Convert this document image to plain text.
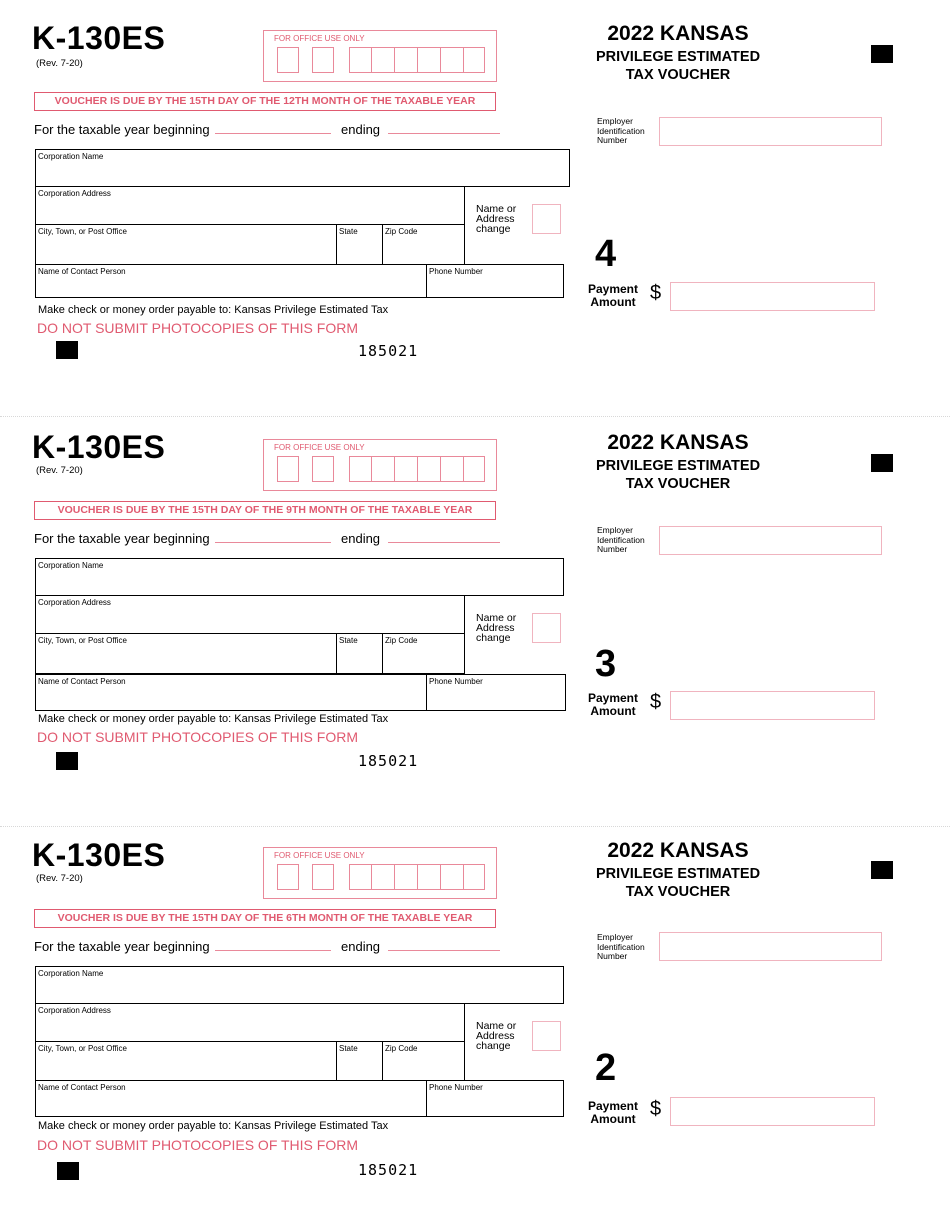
K-130ES
(Rev. 7-20)
FOR OFFICE USE ONLY
VOUCHER IS DUE BY THE 15TH DAY OF THE 12TH MONTH OF THE TAXABLE YEAR
For the taxable year beginning	ending
Corporation Name
Corporation Address
City, Town, or Post Office	State	Zip Code
Name or Address change
Name of Contact Person	Phone Number
Make check or money order payable to: Kansas Privilege Estimated Tax
DO NOT SUBMIT PHOTOCOPIES OF THIS FORM
185021
2022 KANSAS
PRIVILEGE ESTIMATED
TAX VOUCHER
Employer Identification Number
4
Payment Amount $
K-130ES
(Rev. 7-20)
FOR OFFICE USE ONLY
VOUCHER IS DUE BY THE 15TH DAY OF THE 9TH MONTH OF THE TAXABLE YEAR
For the taxable year beginning	ending
Corporation Name
Corporation Address
City, Town, or Post Office	State	Zip Code
Name or Address change
Name of Contact Person	Phone Number
Make check or money order payable to: Kansas Privilege Estimated Tax
DO NOT SUBMIT PHOTOCOPIES OF THIS FORM
185021
2022 KANSAS
PRIVILEGE ESTIMATED
TAX VOUCHER
Employer Identification Number
3
Payment Amount $
K-130ES
(Rev. 7-20)
FOR OFFICE USE ONLY
VOUCHER IS DUE BY THE 15TH DAY OF THE 6TH MONTH OF THE TAXABLE YEAR
For the taxable year beginning	ending
Corporation Name
Corporation Address
City, Town, or Post Office	State	Zip Code
Name or Address change
Name of Contact Person	Phone Number
Make check or money order payable to: Kansas Privilege Estimated Tax
DO NOT SUBMIT PHOTOCOPIES OF THIS FORM
185021
2022 KANSAS
PRIVILEGE ESTIMATED
TAX VOUCHER
Employer Identification Number
2
Payment Amount $
